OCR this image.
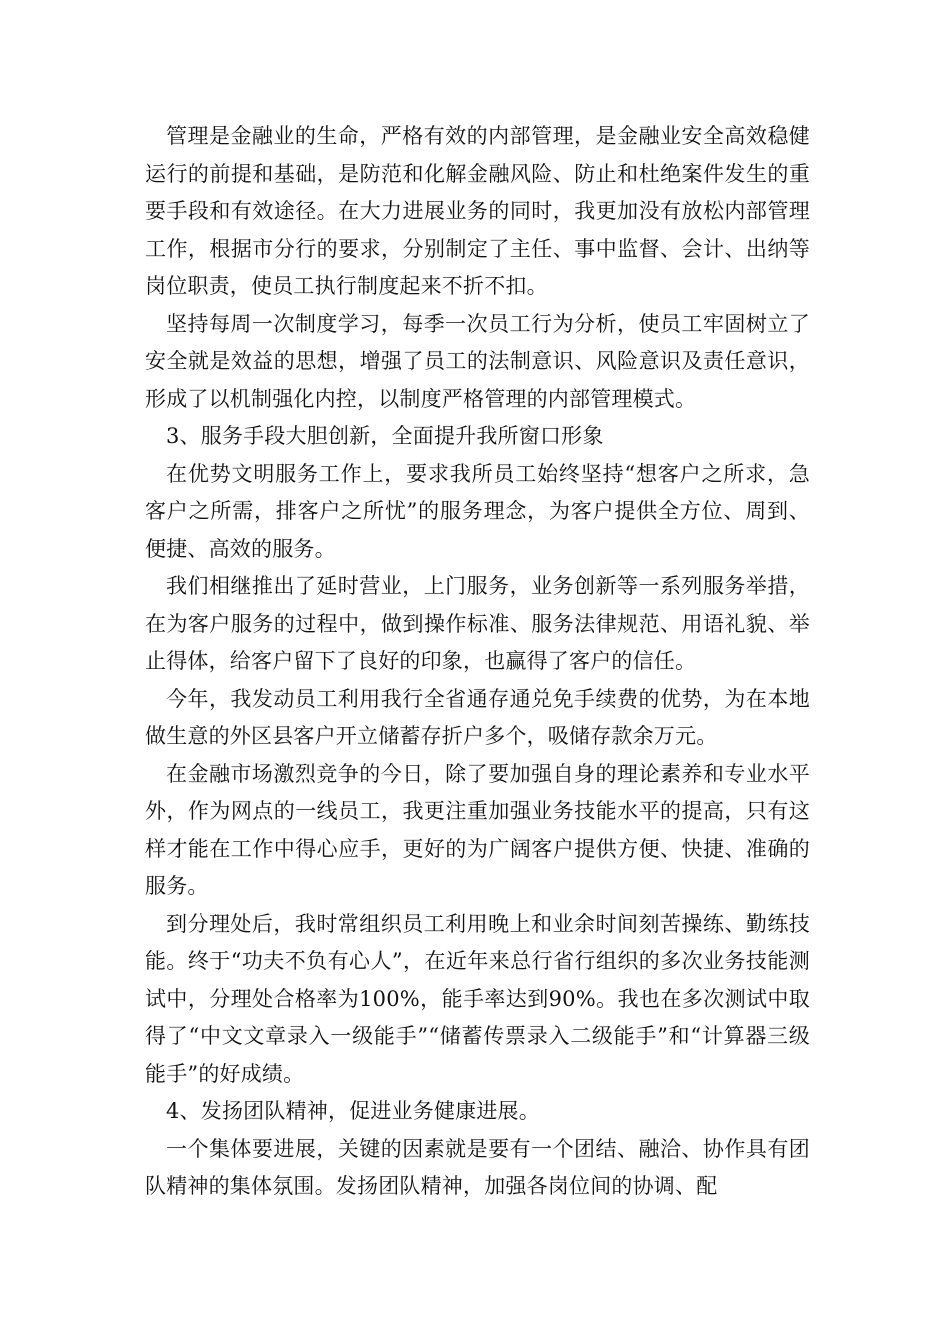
管理是金融业的生命，严格有效的内部管理，是金融业安全高效稳健运行的前提和基础，是防范和化解金融风险、防止和杜绝案件发生的重要手段和有效途径。在大力进展业务的同时，我更加没有放松内部管理工作，根据市分行的要求，分别制定了主任、事中监督、会计、出纳等岗位职责，使员工执行制度起来不折不扣。

坚持每周一次制度学习，每季一次员工行为分析，使员工牢固树立了安全就是效益的思想，增强了员工的法制意识、风险意识及责任意识，形成了以机制强化内控，以制度严格管理的内部管理模式。

3、服务手段大胆创新，全面提升我所窗口形象

在优势文明服务工作上，要求我所员工始终坚持“想客户之所求，急客户之所需，排客户之所忧”的服务理念，为客户提供全方位、周到、便捷、高效的服务。

我们相继推出了延时营业，上门服务，业务创新等一系列服务举措，在为客户服务的过程中，做到操作标准、服务法律规范、用语礼貌、举止得体，给客户留下了良好的印象，也赢得了客户的信任。

今年，我发动员工利用我行全省通存通兑免手续费的优势，为在本地做生意的外区县客户开立储蓄存折户多个，吸储存款余万元。

在金融市场激烈竞争的今日，除了要加强自身的理论素养和专业水平外，作为网点的一线员工，我更注重加强业务技能水平的提高，只有这样才能在工作中得心应手，更好的为广阔客户提供方便、快捷、准确的服务。

到分理处后，我时常组织员工利用晚上和业余时间刻苦操练、勤练技能。终于“功夫不负有心人”，在近年来总行省行组织的多次业务技能测试中，分理处合格率为100%，能手率达到90%。我也在多次测试中取得了“中文文章录入一级能手”“储蓄传票录入二级能手”和“计算器三级能手”的好成绩。

4、发扬团队精神，促进业务健康进展。

一个集体要进展，关键的因素就是要有一个团结、融洽、协作具有团队精神的集体氛围。发扬团队精神，加强各岗位间的协调、配
